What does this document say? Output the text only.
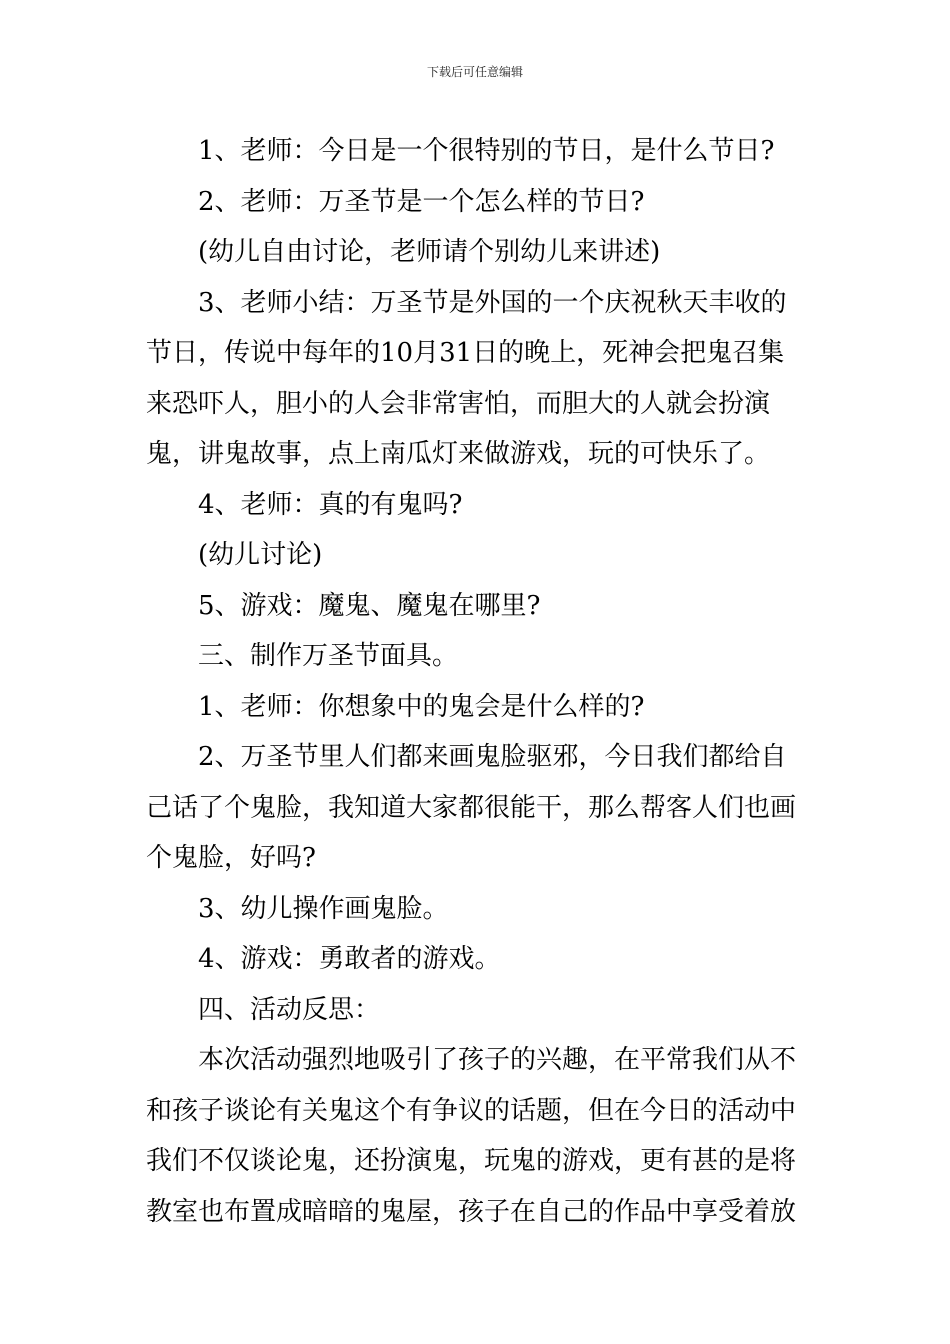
下载后可任意编辑

1、老师：今日是一个很特别的节日，是什么节日?

2、老师：万圣节是一个怎么样的节日?

(幼儿自由讨论，老师请个别幼儿来讲述)

3、老师小结：万圣节是外国的一个庆祝秋天丰收的节日，传说中每年的10月31日的晚上，死神会把鬼召集来恐吓人，胆小的人会非常害怕，而胆大的人就会扮演鬼，讲鬼故事，点上南瓜灯来做游戏，玩的可快乐了。

4、老师：真的有鬼吗?

(幼儿讨论)

5、游戏：魔鬼、魔鬼在哪里?

三、制作万圣节面具。

1、老师：你想象中的鬼会是什么样的?

2、万圣节里人们都来画鬼脸驱邪，今日我们都给自己话了个鬼脸，我知道大家都很能干，那么帮客人们也画个鬼脸，好吗?

3、幼儿操作画鬼脸。

4、游戏：勇敢者的游戏。

四、活动反思：

本次活动强烈地吸引了孩子的兴趣，在平常我们从不和孩子谈论有关鬼这个有争议的话题，但在今日的活动中我们不仅谈论鬼，还扮演鬼，玩鬼的游戏，更有甚的是将教室也布置成暗暗的鬼屋，孩子在自己的作品中享受着放
